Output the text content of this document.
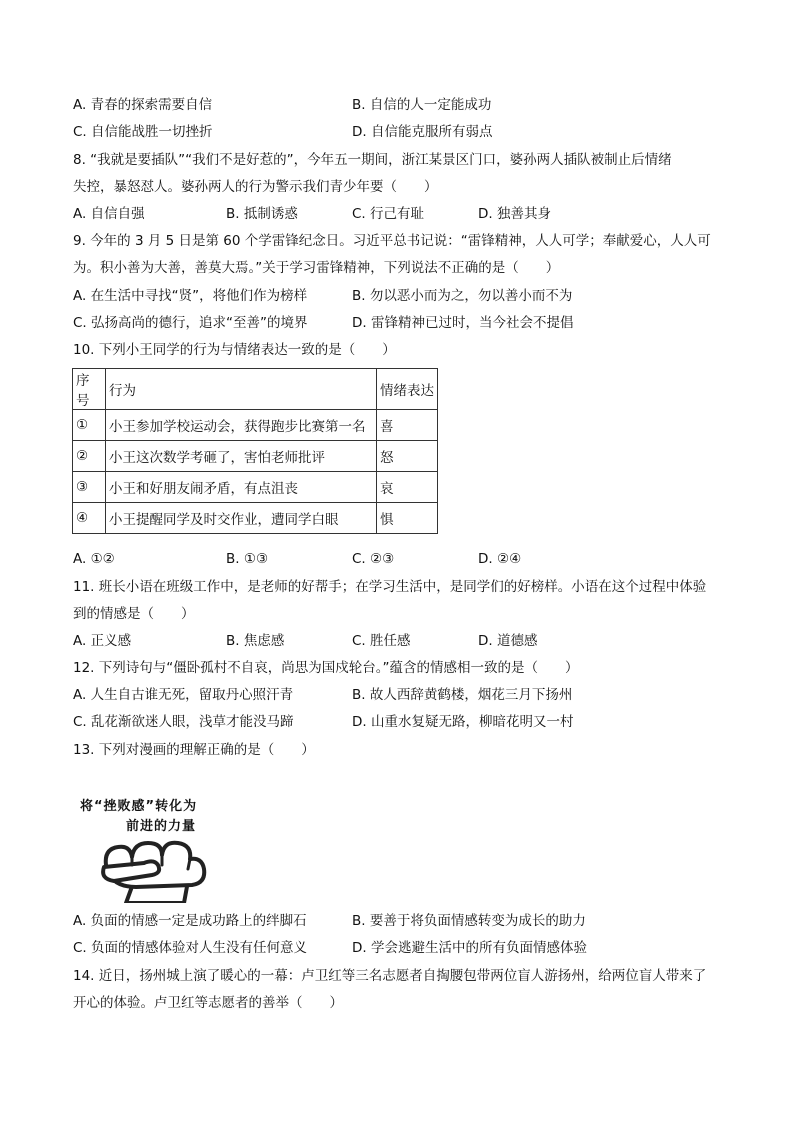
A. 青春的探索需要自信	B. 自信的人一定能成功
C. 自信能战胜一切挫折	D. 自信能克服所有弱点
8. “我就是要插队”“我们不是好惹的”，今年五一期间，浙江某景区门口，婆孙两人插队被制止后情绪
失控，暴怒怼人。婆孙两人的行为警示我们青少年要（　　）
A. 自信自强	B. 抵制诱惑	C. 行己有耻	D. 独善其身
9. 今年的 3 月 5 日是第 60 个学雷锋纪念日。习近平总书记说：“雷锋精神，人人可学；奉献爱心，人人可
为。积小善为大善，善莫大焉。”关于学习雷锋精神，下列说法不正确的是（　　）
A. 在生活中寻找“贤”，将他们作为榜样	B. 勿以恶小而为之，勿以善小而不为
C. 弘扬高尚的德行，追求“至善”的境界	D. 雷锋精神已过时，当今社会不提倡
10. 下列小王同学的行为与情绪表达一致的是（　　）
序号	行为	情绪表达
①	小王参加学校运动会，获得跑步比赛第一名	喜
②	小王这次数学考砸了，害怕老师批评	怒
③	小王和好朋友闹矛盾，有点沮丧	哀
④	小王提醒同学及时交作业，遭同学白眼	惧
A. ①②	B. ①③	C. ②③	D. ②④
11. 班长小语在班级工作中，是老师的好帮手；在学习生活中，是同学们的好榜样。小语在这个过程中体验
到的情感是（　　）
A. 正义感	B. 焦虑感	C. 胜任感	D. 道德感
12. 下列诗句与“僵卧孤村不自哀，尚思为国戍轮台。”蕴含的情感相一致的是（　　）
A. 人生自古谁无死，留取丹心照汗青	B. 故人西辞黄鹤楼，烟花三月下扬州
C. 乱花渐欲迷人眼，浅草才能没马蹄	D. 山重水复疑无路，柳暗花明又一村
13. 下列对漫画的理解正确的是（　　）
将“挫败感”转化为
前进的力量
A. 负面的情感一定是成功路上的绊脚石	B. 要善于将负面情感转变为成长的助力
C. 负面的情感体验对人生没有任何意义	D. 学会逃避生活中的所有负面情感体验
14. 近日，扬州城上演了暖心的一幕：卢卫红等三名志愿者自掏腰包带两位盲人游扬州，给两位盲人带来了
开心的体验。卢卫红等志愿者的善举（　　）
